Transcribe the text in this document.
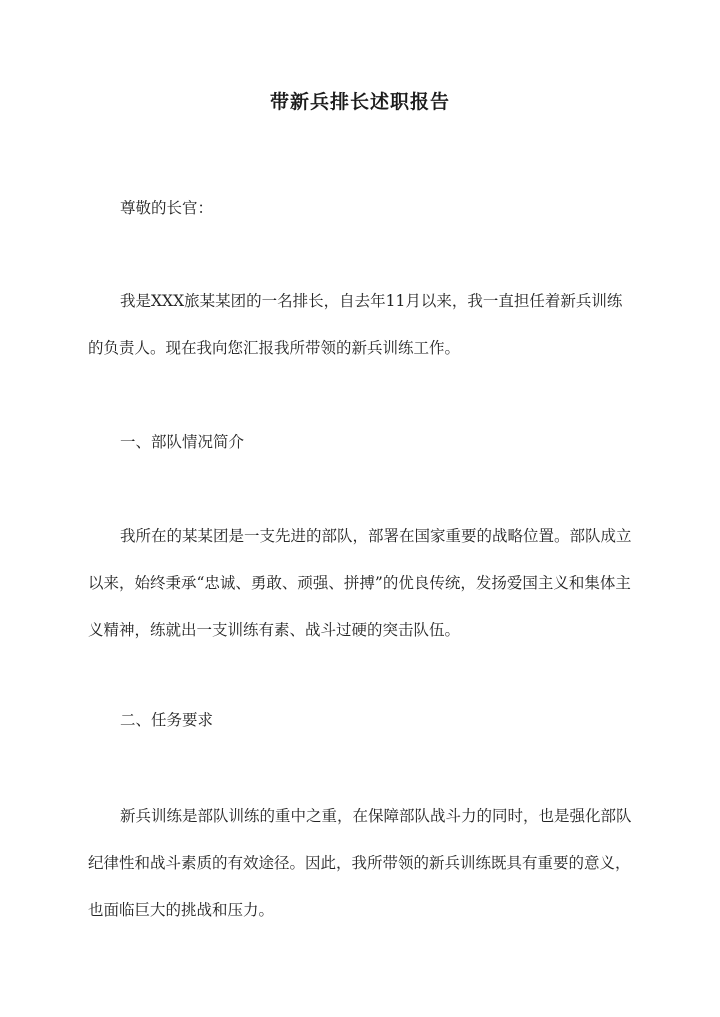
带新兵排长述职报告
尊敬的长官：

我是XXX旅某某团的一名排长，自去年11月以来，我一直担任着新兵训练的负责人。现在我向您汇报我所带领的新兵训练工作。

一、部队情况简介

我所在的某某团是一支先进的部队，部署在国家重要的战略位置。部队成立以来，始终秉承“忠诚、勇敢、顽强、拼搏”的优良传统，发扬爱国主义和集体主义精神，练就出一支训练有素、战斗过硬的突击队伍。

二、任务要求

新兵训练是部队训练的重中之重，在保障部队战斗力的同时，也是强化部队纪律性和战斗素质的有效途径。因此，我所带领的新兵训练既具有重要的意义，也面临巨大的挑战和压力。
